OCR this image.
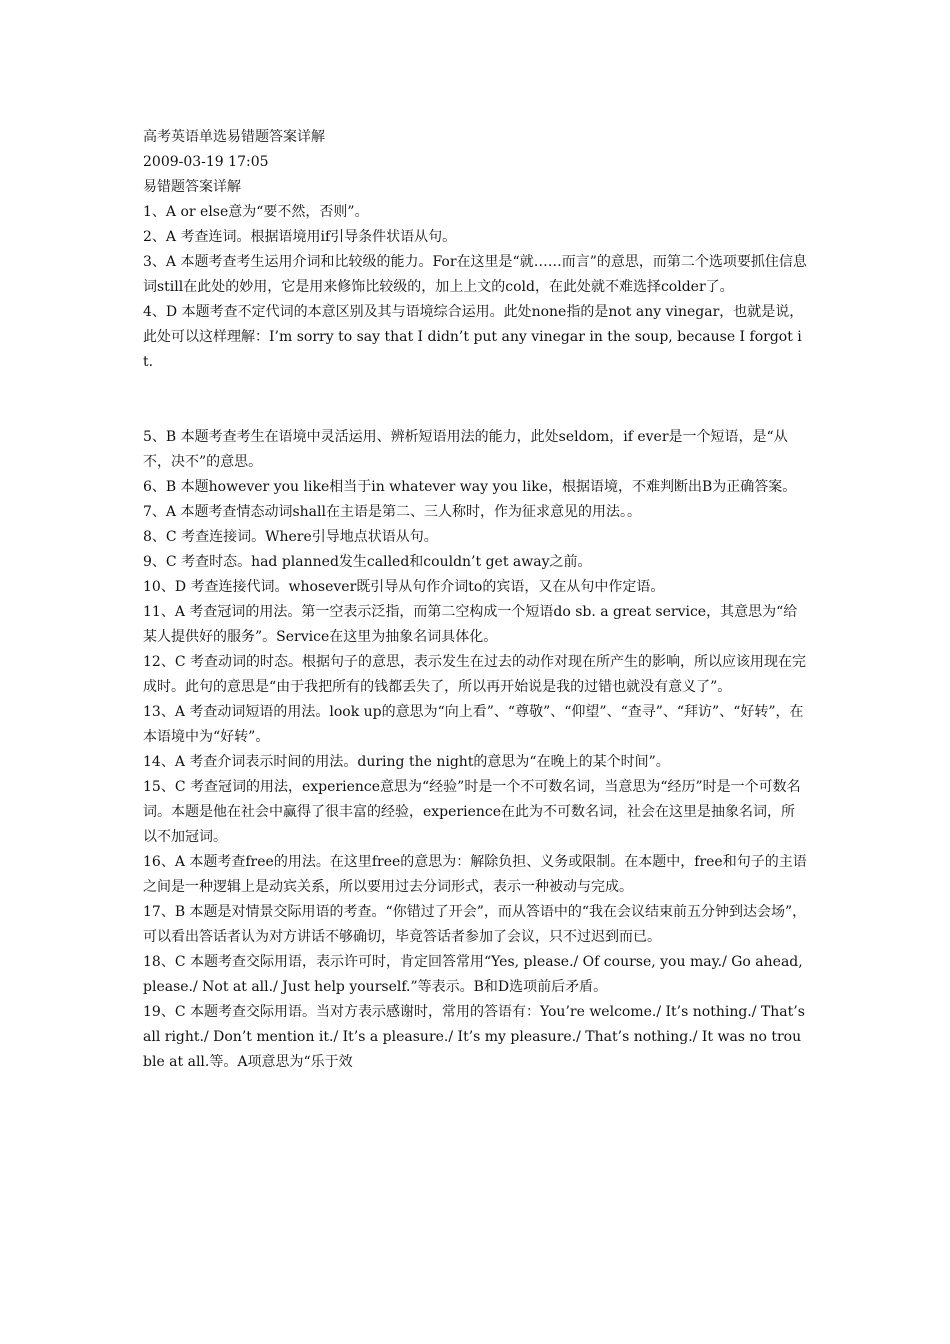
高考英语单选易错题答案详解
2009-03-19 17:05
易错题答案详解
1、A or else意为“要不然，否则”。
2、A 考查连词。根据语境用if引导条件状语从句。
3、A 本题考查考生运用介词和比较级的能力。For在这里是“就……而言”的意思，而第二个选项要抓住信息词still在此处的妙用，它是用来修饰比较级的，加上上文的cold，在此处就不难选择colder了。
4、D 本题考查不定代词的本意区别及其与语境综合运用。此处none指的是not any vinegar，也就是说，此处可以这样理解：I’m sorry to say that I didn’t put any vinegar in the soup, because I forgot it.
5、B 本题考查考生在语境中灵活运用、辨析短语用法的能力，此处seldom，if ever是一个短语，是“从不，决不”的意思。
6、B 本题however you like相当于in whatever way you like，根据语境，不难判断出B为正确答案。
7、A 本题考查情态动词shall在主语是第二、三人称时，作为征求意见的用法。。
8、C 考查连接词。Where引导地点状语从句。
9、C 考查时态。had planned发生called和couldn’t get away之前。
10、D 考查连接代词。whosever既引导从句作介词to的宾语，又在从句中作定语。
11、A 考查冠词的用法。第一空表示泛指，而第二空构成一个短语do sb. a great service，其意思为“给某人提供好的服务”。Service在这里为抽象名词具体化。
12、C 考查动词的时态。根据句子的意思，表示发生在过去的动作对现在所产生的影响，所以应该用现在完成时。此句的意思是“由于我把所有的钱都丢失了，所以再开始说是我的过错也就没有意义了”。
13、A 考查动词短语的用法。look up的意思为“向上看”、“尊敬”、“仰望”、“查寻”、“拜访”、“好转”，在本语境中为“好转”。
14、A 考查介词表示时间的用法。during the night的意思为“在晚上的某个时间”。
15、C 考查冠词的用法，experience意思为“经验”时是一个不可数名词，当意思为“经历”时是一个可数名词。本题是他在社会中赢得了很丰富的经验，experience在此为不可数名词，社会在这里是抽象名词，所以不加冠词。
16、A 本题考查free的用法。在这里free的意思为：解除负担、义务或限制。在本题中，free和句子的主语之间是一种逻辑上是动宾关系，所以要用过去分词形式，表示一种被动与完成。
17、B 本题是对情景交际用语的考查。“你错过了开会”，而从答语中的“我在会议结束前五分钟到达会场”，可以看出答话者认为对方讲话不够确切，毕竟答话者参加了会议，只不过迟到而已。
18、C 本题考查交际用语，表示许可时，肯定回答常用“Yes, please./ Of course, you may./ Go ahead, please./ Not at all./ Just help yourself.”等表示。B和D选项前后矛盾。
19、C 本题考查交际用语。当对方表示感谢时，常用的答语有：You’re welcome./ It’s nothing./ That’s all right./ Don’t mention it./ It’s a pleasure./ It’s my pleasure./ That’s nothing./ It was no trouble at all.等。A项意思为“乐于效
